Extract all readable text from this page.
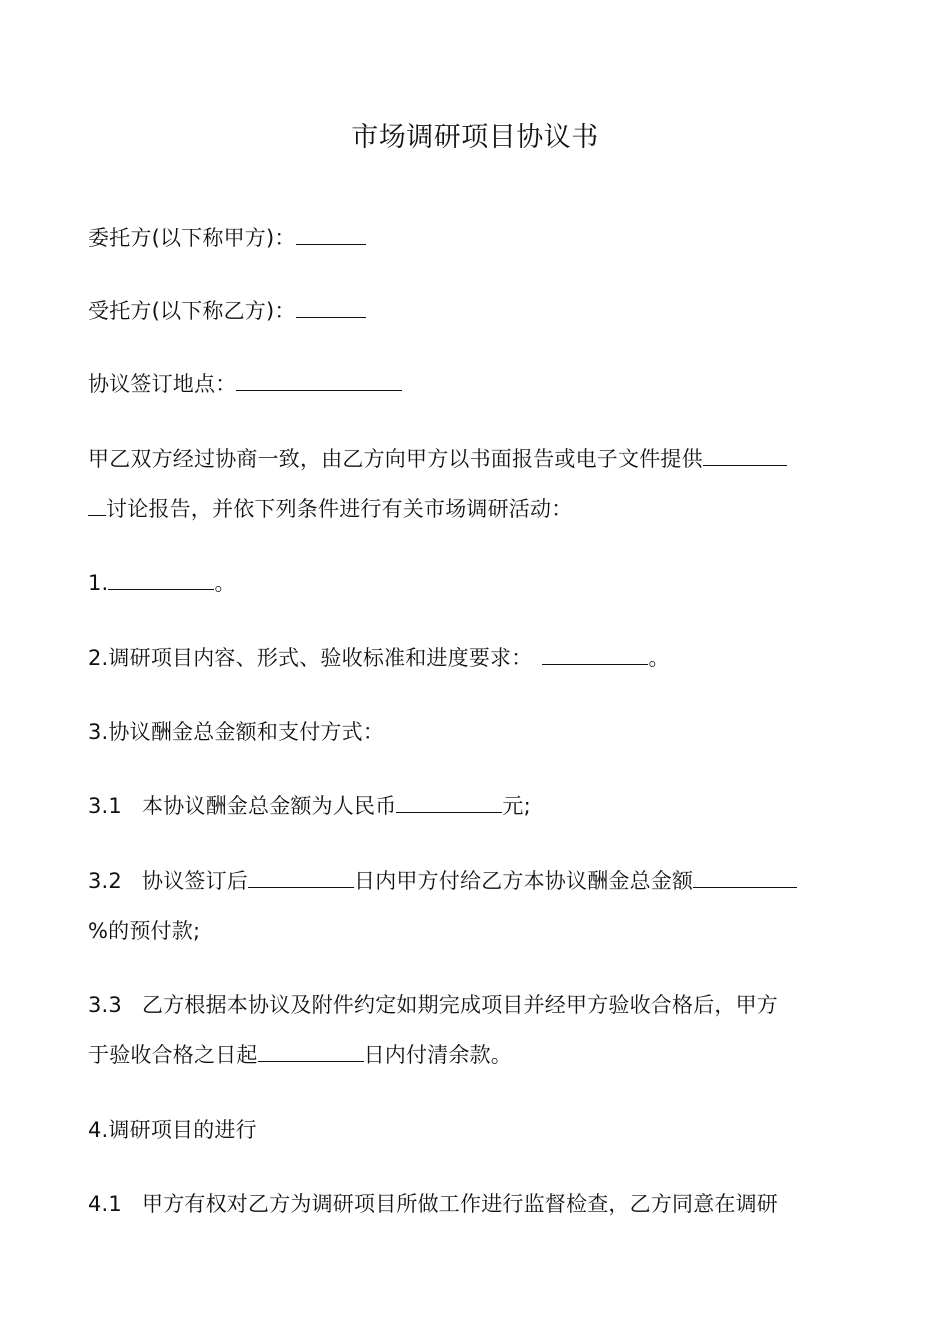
市场调研项目协议书
委托方(以下称甲方)：
受托方(以下称乙方)：
协议签订地点：
甲乙双方经过协商一致，由乙方向甲方以书面报告或电子文件提供
讨论报告，并依下列条件进行有关市场调研活动：
1.	。
2.调研项目内容、形式、验收标准和进度要求：	。
3.协议酬金总金额和支付方式：
3.1 本协议酬金总金额为人民币	元;
3.2 协议签订后	日内甲方付给乙方本协议酬金总金额
%的预付款;
3.3 乙方根据本协议及附件约定如期完成项目并经甲方验收合格后，甲方
于验收合格之日起	日内付清余款。
4.调研项目的进行
4.1 甲方有权对乙方为调研项目所做工作进行监督检查，乙方同意在调研
